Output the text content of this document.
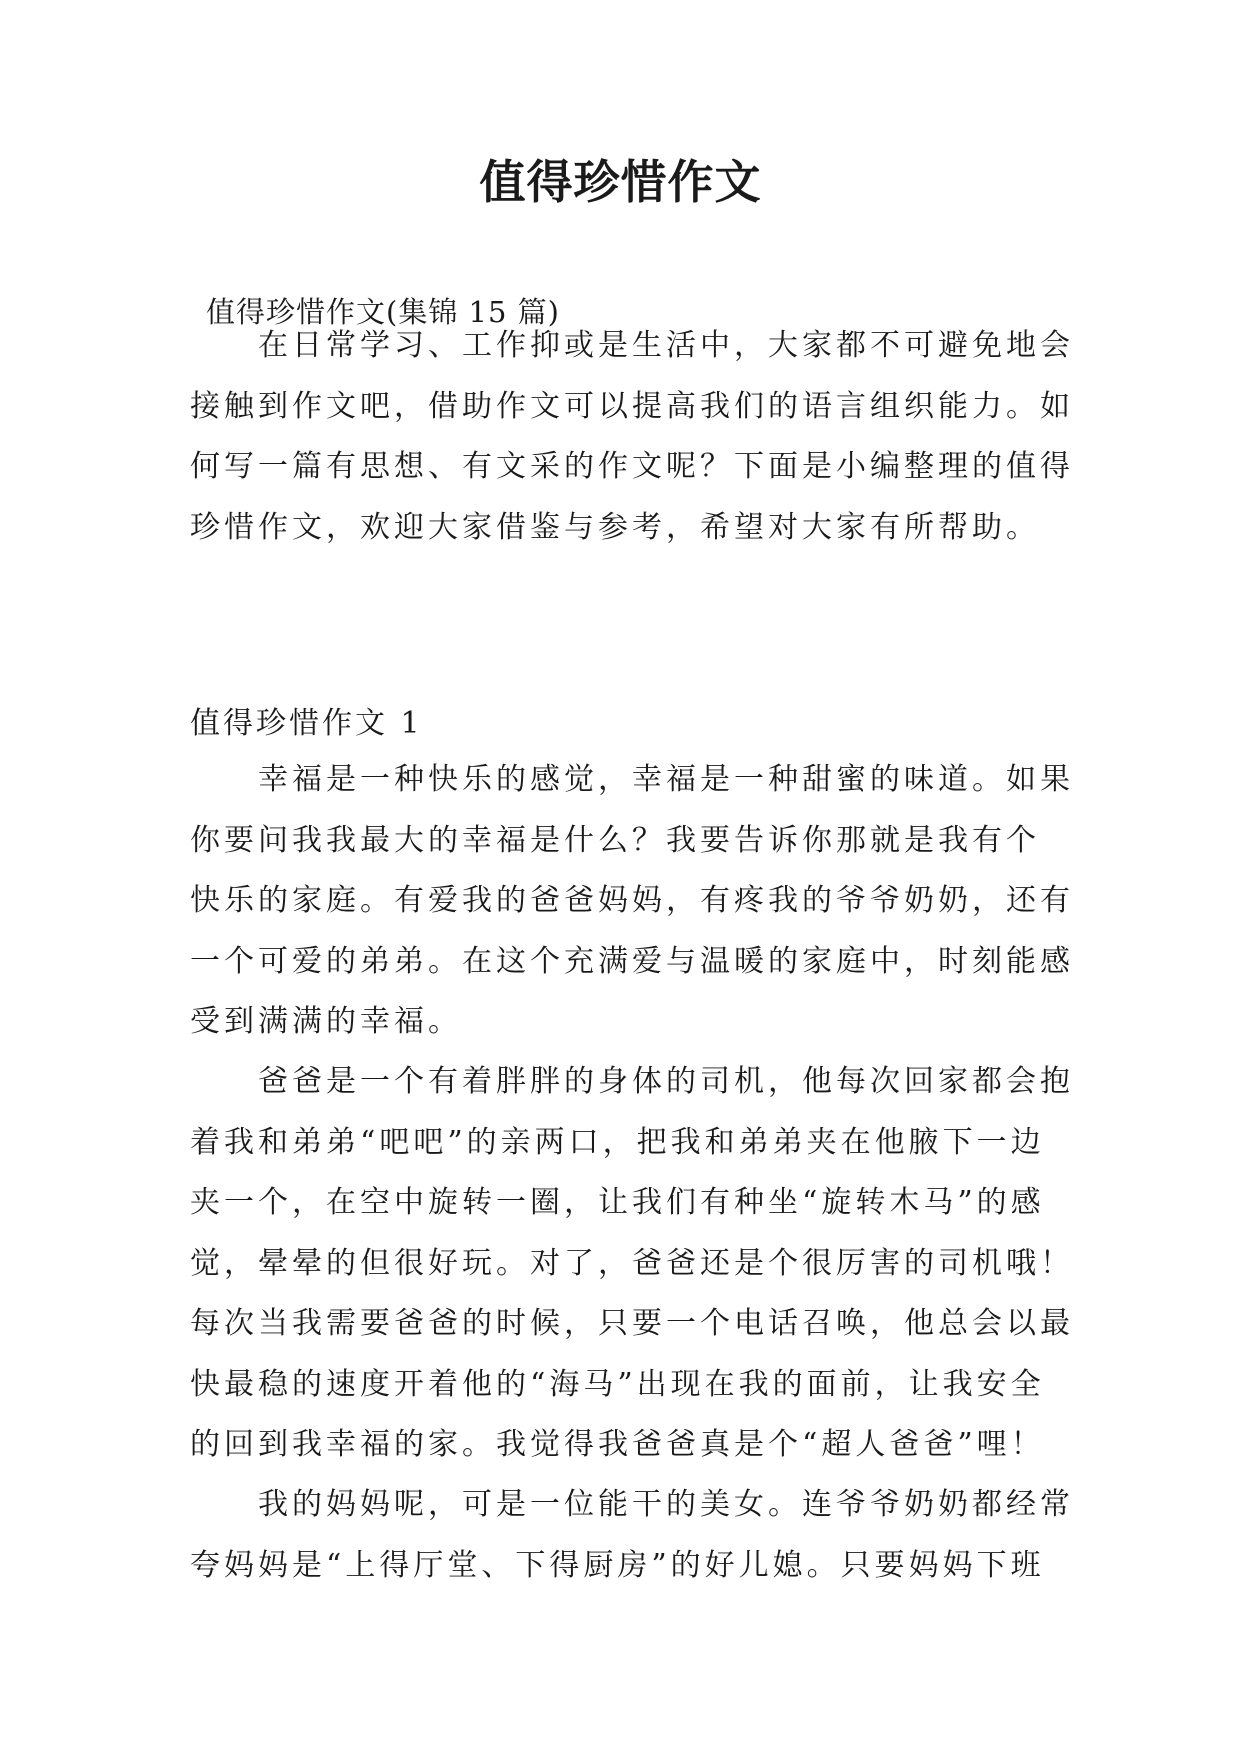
值得珍惜作文

值得珍惜作文(集锦 15 篇)

在日常学习、工作抑或是生活中，大家都不可避免地会
接触到作文吧，借助作文可以提高我们的语言组织能力。如
何写一篇有思想、有文采的作文呢？下面是小编整理的值得
珍惜作文，欢迎大家借鉴与参考，希望对大家有所帮助。

值得珍惜作文 1

幸福是一种快乐的感觉，幸福是一种甜蜜的味道。如果
你要问我我最大的幸福是什么？我要告诉你那就是我有个
快乐的家庭。有爱我的爸爸妈妈，有疼我的爷爷奶奶，还有
一个可爱的弟弟。在这个充满爱与温暖的家庭中，时刻能感
受到满满的幸福。
爸爸是一个有着胖胖的身体的司机，他每次回家都会抱
着我和弟弟“吧吧”的亲两口，把我和弟弟夹在他腋下一边
夹一个，在空中旋转一圈，让我们有种坐“旋转木马”的感
觉，晕晕的但很好玩。对了，爸爸还是个很厉害的司机哦！
每次当我需要爸爸的时候，只要一个电话召唤，他总会以最
快最稳的速度开着他的“海马”出现在我的面前，让我安全
的回到我幸福的家。我觉得我爸爸真是个“超人爸爸”哩！
我的妈妈呢，可是一位能干的美女。连爷爷奶奶都经常
夸妈妈是“上得厅堂、下得厨房”的好儿媳。只要妈妈下班
